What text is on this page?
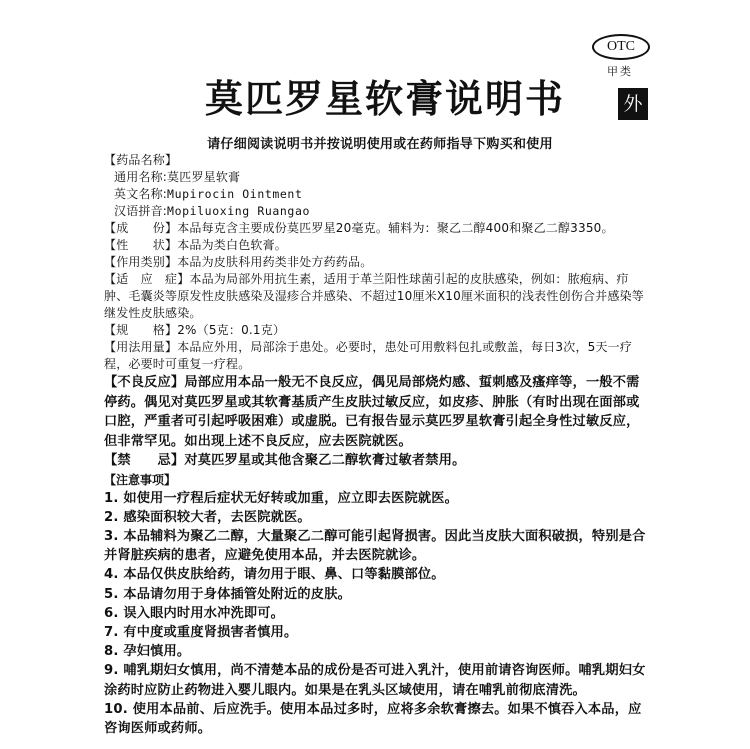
OTC
甲类
莫匹罗星软膏说明书	外
请仔细阅读说明书并按说明使用或在药师指导下购买和使用
【药品名称】
通用名称:莫匹罗星软膏
英文名称:Mupirocin Ointment
汉语拼音:Mopiluoxing Ruangao
【成　　份】本品每克含主要成份莫匹罗星20毫克。辅料为：聚乙二醇400和聚乙二醇3350。
【性　　状】本品为类白色软膏。
【作用类别】本品为皮肤科用药类非处方药药品。
【适　应　症】本品为局部外用抗生素，适用于革兰阳性球菌引起的皮肤感染，例如：脓疱病、疖肿、毛囊炎等原发性皮肤感染及湿疹合并感染、不超过10厘米X10厘米面积的浅表性创伤合并感染等继发性皮肤感染。
【规　　格】2%（5克：0.1克）
【用法用量】本品应外用，局部涂于患处。必要时，患处可用敷料包扎或敷盖，每日3次，5天一疗程，必要时可重复一疗程。
【不良反应】局部应用本品一般无不良反应，偶见局部烧灼感、蜇刺感及瘙痒等，一般不需停药。偶见对莫匹罗星或其软膏基质产生皮肤过敏反应，如皮疹、肿胀（有时出现在面部或口腔，严重者可引起呼吸困难）或虚脱。已有报告显示莫匹罗星软膏引起全身性过敏反应，但非常罕见。如出现上述不良反应，应去医院就医。
【禁　　忌】对莫匹罗星或其他含聚乙二醇软膏过敏者禁用。
【注意事项】
1. 如使用一疗程后症状无好转或加重，应立即去医院就医。
2. 感染面积较大者，去医院就医。
3. 本品辅料为聚乙二醇，大量聚乙二醇可能引起肾损害。因此当皮肤大面积破损，特别是合并肾脏疾病的患者，应避免使用本品，并去医院就诊。
4. 本品仅供皮肤给药，请勿用于眼、鼻、口等黏膜部位。
5. 本品请勿用于身体插管处附近的皮肤。
6. 误入眼内时用水冲洗即可。
7. 有中度或重度肾损害者慎用。
8. 孕妇慎用。
9. 哺乳期妇女慎用，尚不清楚本品的成份是否可进入乳汁，使用前请咨询医师。哺乳期妇女涂药时应防止药物进入婴儿眼内。如果是在乳头区域使用，请在哺乳前彻底清洗。
10. 使用本品前、后应洗手。使用本品过多时，应将多余软膏擦去。如果不慎吞入本品，应咨询医师或药师。
